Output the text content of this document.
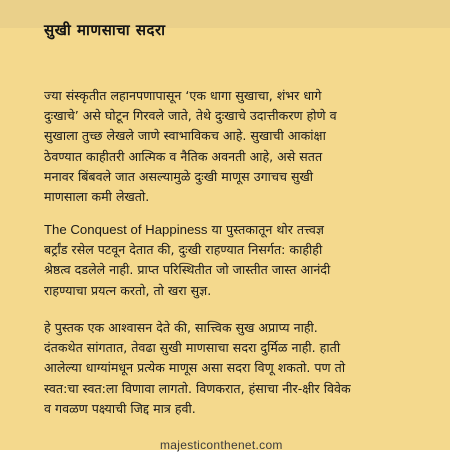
सुखी माणसाचा सदरा
ज्या संस्कृतीत लहानपणापासून ‘एक धागा सुखाचा, शंभर धागे
दुःखाचे’ असे घोटून गिरवले जाते, तेथे दुःखाचे उदात्तीकरण होणे व
सुखाला तुच्छ लेखले जाणे स्वाभाविकच आहे. सुखाची आकांक्षा
ठेवण्यात काहीतरी आत्मिक व नैतिक अवनती आहे, असे सतत
मनावर बिंबवले जात असल्यामुळे दुःखी माणूस उगाचच सुखी
माणसाला कमी लेखतो.
The Conquest of Happiness या पुस्तकातून थोर तत्त्वज्ञ
बर्ट्रांड रसेल पटवून देतात की, दुःखी राहण्यात निसर्गत: काहीही
श्रेष्ठत्व दडलेले नाही. प्राप्त परिस्थितीत जो जास्तीत जास्त आनंदी
राहण्याचा प्रयत्न करतो, तो खरा सुज्ञ.
हे पुस्तक एक आश्वासन देते की, सात्त्विक सुख अप्राप्य नाही.
दंतकथेत सांगतात, तेवढा सुखी माणसाचा सदरा दुर्मिळ नाही. हाती
आलेल्या धाग्यांमधून प्रत्येक माणूस असा सदरा विणू शकतो. पण तो
स्वत:चा स्वत:ला विणावा लागतो. विणकरात, हंसाचा नीर-क्षीर विवेक
व गवळण पक्ष्याची जिद्द मात्र हवी.
majesticonthenet.com
